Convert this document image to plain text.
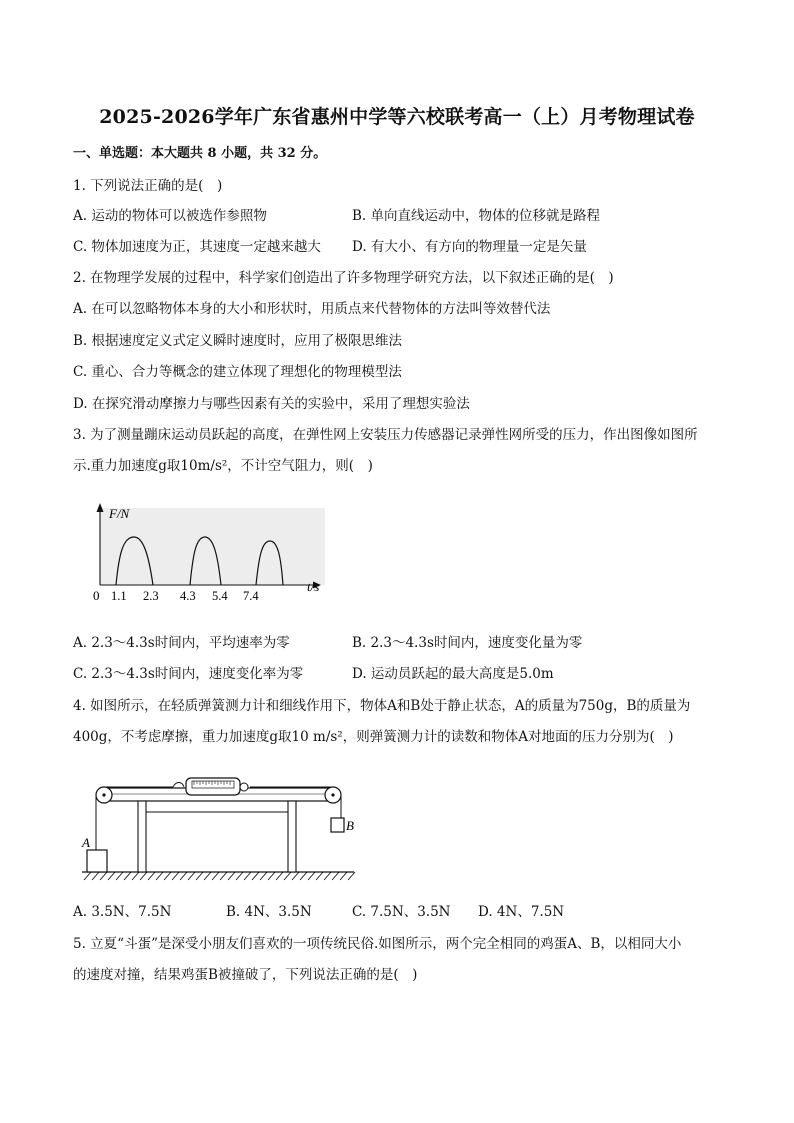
2025-2026学年广东省惠州中学等六校联考高一（上）月考物理试卷
一、单选题：本大题共 8 小题，共 32 分。
1. 下列说法正确的是(　)
A. 运动的物体可以被选作参照物	B. 单向直线运动中，物体的位移就是路程
C. 物体加速度为正，其速度一定越来越大 D. 有大小、有方向的物理量一定是矢量
2. 在物理学发展的过程中，科学家们创造出了许多物理学研究方法，以下叙述正确的是(　)
A. 在可以忽略物体本身的大小和形状时，用质点来代替物体的方法叫等效替代法
B. 根据速度定义式定义瞬时速度时，应用了极限思维法
C. 重心、合力等概念的建立体现了理想化的物理模型法
D. 在探究滑动摩擦力与哪些因素有关的实验中，采用了理想实验法
3. 为了测量蹦床运动员跃起的高度，在弹性网上安装压力传感器记录弹性网所受的压力，作出图像如图所
示.重力加速度g取10m/s²，不计空气阻力，则(　)
F/N
t/s
0 1.1 2.3 4.3 5.4 7.4
A. 2.3～4.3s时间内，平均速率为零	B. 2.3～4.3s时间内，速度变化量为零
C. 2.3～4.3s时间内，速度变化率为零	D. 运动员跃起的最大高度是5.0m
4. 如图所示，在轻质弹簧测力计和细线作用下，物体A和B处于静止状态，A的质量为750g，B的质量为
400g，不考虑摩擦，重力加速度g取10 m/s²，则弹簧测力计的读数和物体A对地面的压力分别为(　)
A
B
A. 3.5N、7.5N	B. 4N、3.5N	C. 7.5N、3.5N D. 4N、7.5N
5. 立夏“斗蛋”是深受小朋友们喜欢的一项传统民俗.如图所示，两个完全相同的鸡蛋A、B，以相同大小
的速度对撞，结果鸡蛋B被撞破了，下列说法正确的是(　)
